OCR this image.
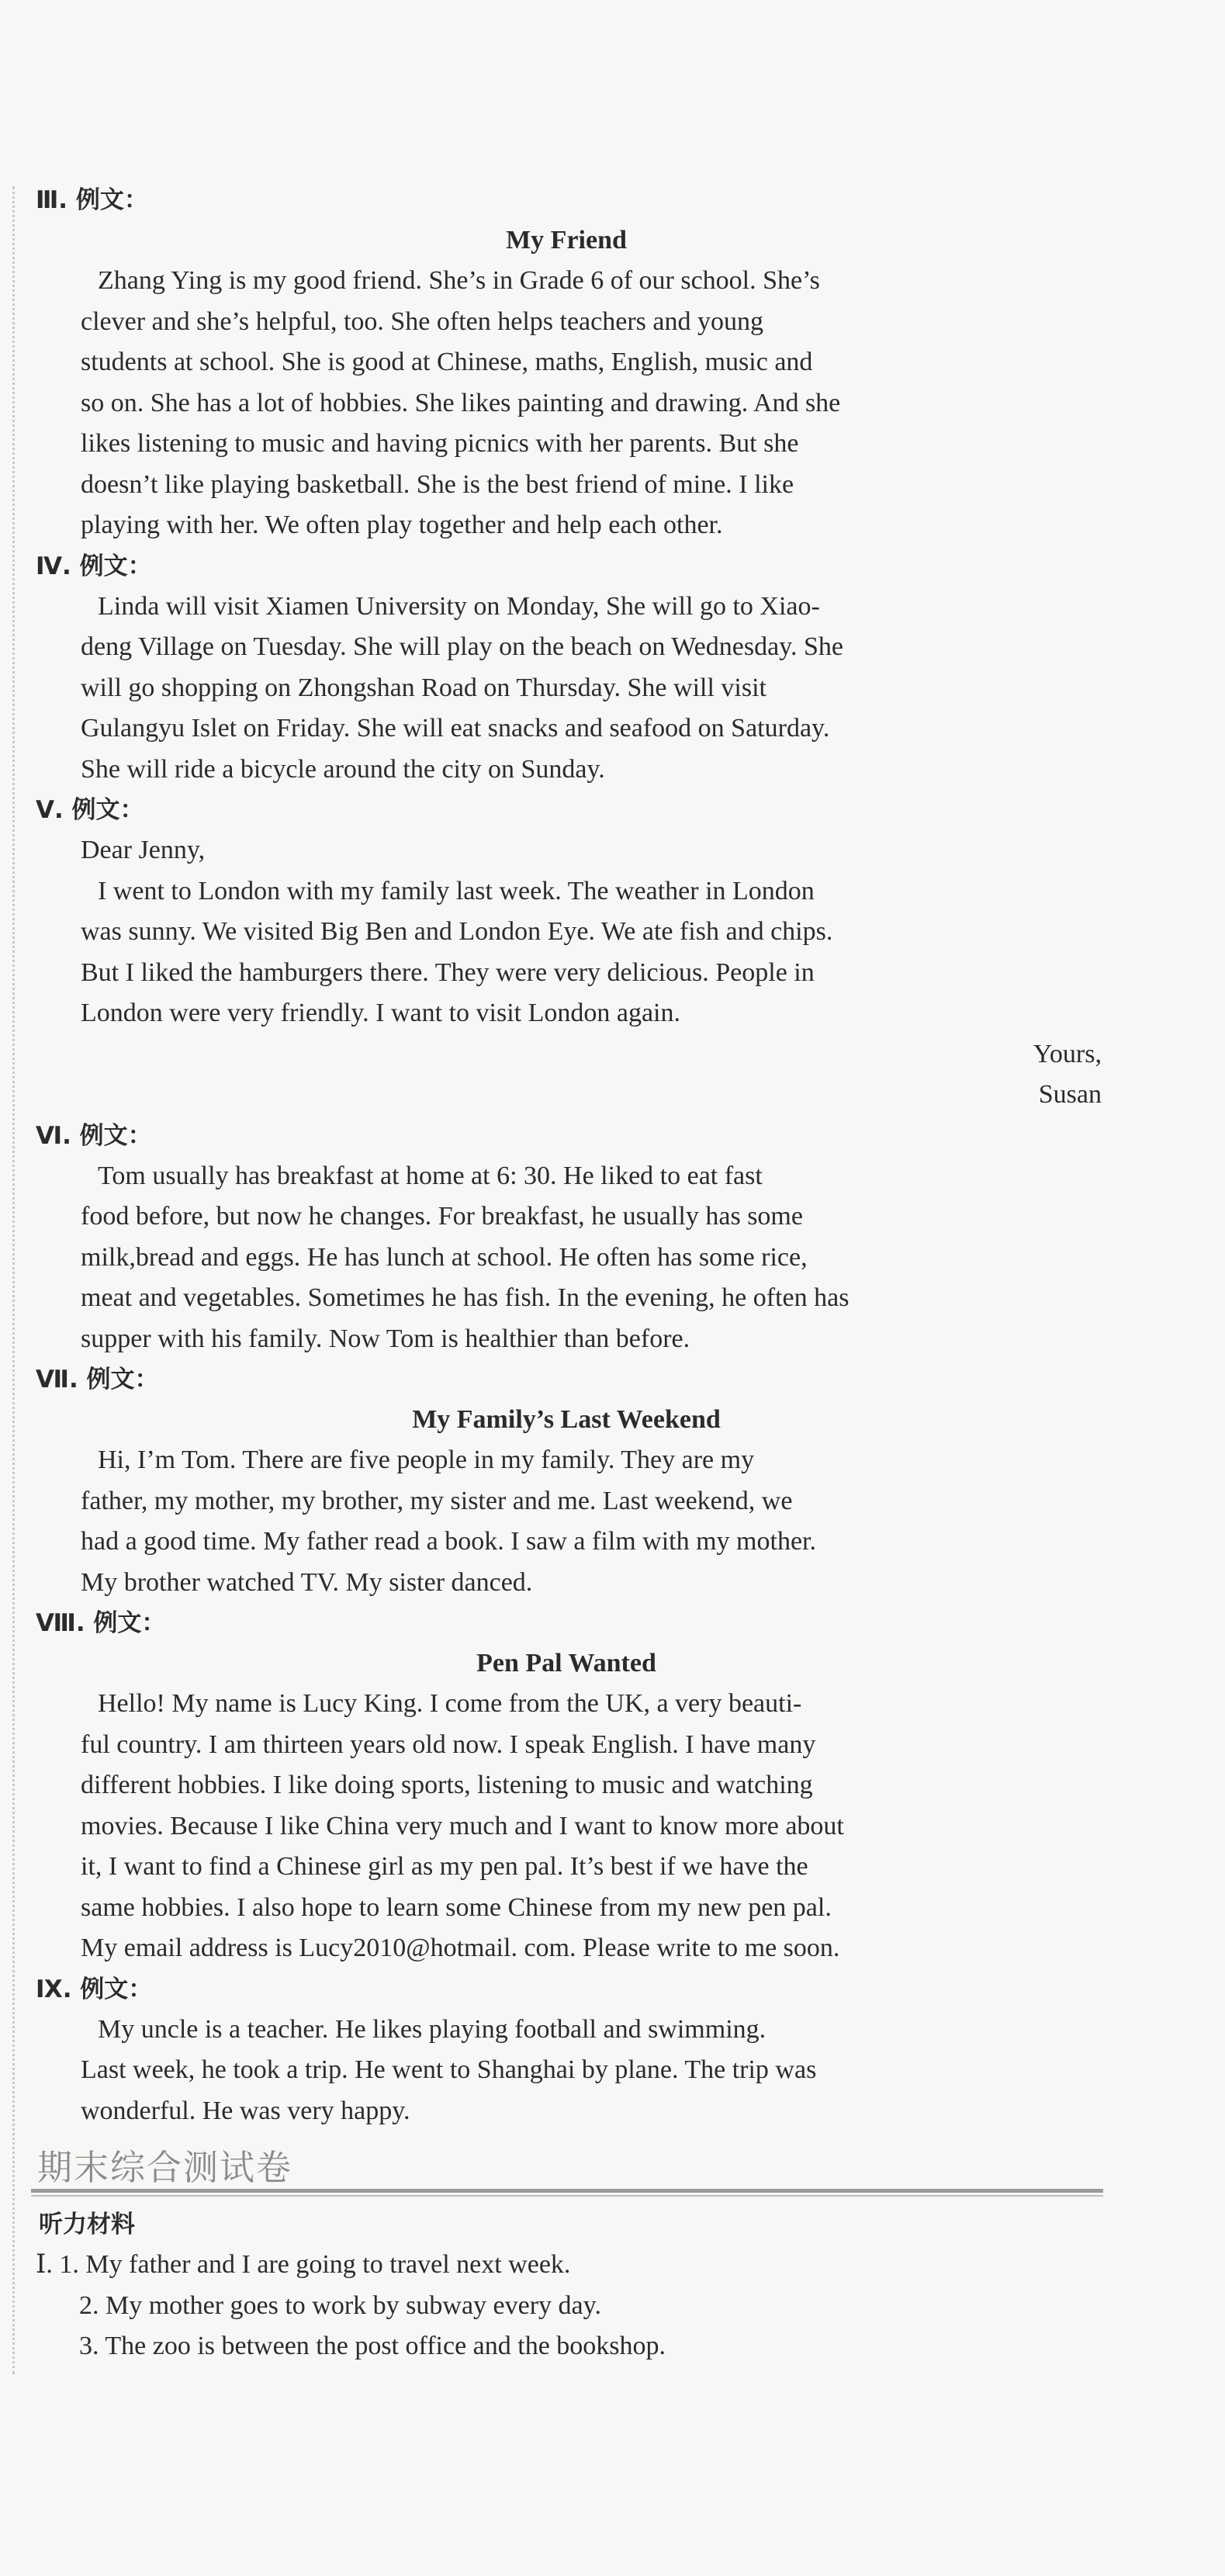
Ⅲ. 例文：
My Friend
Zhang Ying is my good friend. She’s in Grade 6 of our school. She’s
clever and she’s helpful, too. She often helps teachers and young
students at school. She is good at Chinese, maths, English, music and
so on. She has a lot of hobbies. She likes painting and drawing. And she
likes listening to music and having picnics with her parents. But she
doesn’t like playing basketball. She is the best friend of mine. I like
playing with her. We often play together and help each other.
Ⅳ. 例文：
Linda will visit Xiamen University on Monday, She will go to Xiao-
deng Village on Tuesday. She will play on the beach on Wednesday. She
will go shopping on Zhongshan Road on Thursday. She will visit
Gulangyu Islet on Friday. She will eat snacks and seafood on Saturday.
She will ride a bicycle around the city on Sunday.
Ⅴ. 例文：
Dear Jenny,
I went to London with my family last week. The weather in London
was sunny. We visited Big Ben and London Eye. We ate fish and chips.
But I liked the hamburgers there. They were very delicious. People in
London were very friendly. I want to visit London again.
Yours,
Susan
Ⅵ. 例文：
Tom usually has breakfast at home at 6: 30. He liked to eat fast
food before, but now he changes. For breakfast, he usually has some
milk,bread and eggs. He has lunch at school. He often has some rice,
meat and vegetables. Sometimes he has fish. In the evening, he often has
supper with his family. Now Tom is healthier than before.
Ⅶ. 例文：
My Family’s Last Weekend
Hi, I’m Tom. There are five people in my family. They are my
father, my mother, my brother, my sister and me. Last weekend, we
had a good time. My father read a book. I saw a film with my mother.
My brother watched TV. My sister danced.
Ⅷ. 例文：
Pen Pal Wanted
Hello! My name is Lucy King. I come from the UK, a very beauti-
ful country. I am thirteen years old now. I speak English. I have many
different hobbies. I like doing sports, listening to music and watching
movies. Because I like China very much and I want to know more about
it, I want to find a Chinese girl as my pen pal. It’s best if we have the
same hobbies. I also hope to learn some Chinese from my new pen pal.
My email address is Lucy2010@hotmail. com. Please write to me soon.
Ⅸ. 例文：
My uncle is a teacher. He likes playing football and swimming.
Last week, he took a trip. He went to Shanghai by plane. The trip was
wonderful. He was very happy.
期末综合测试卷
听力材料
Ⅰ. 1. My father and I are going to travel next week.
2. My mother goes to work by subway every day.
3. The zoo is between the post office and the bookshop.
